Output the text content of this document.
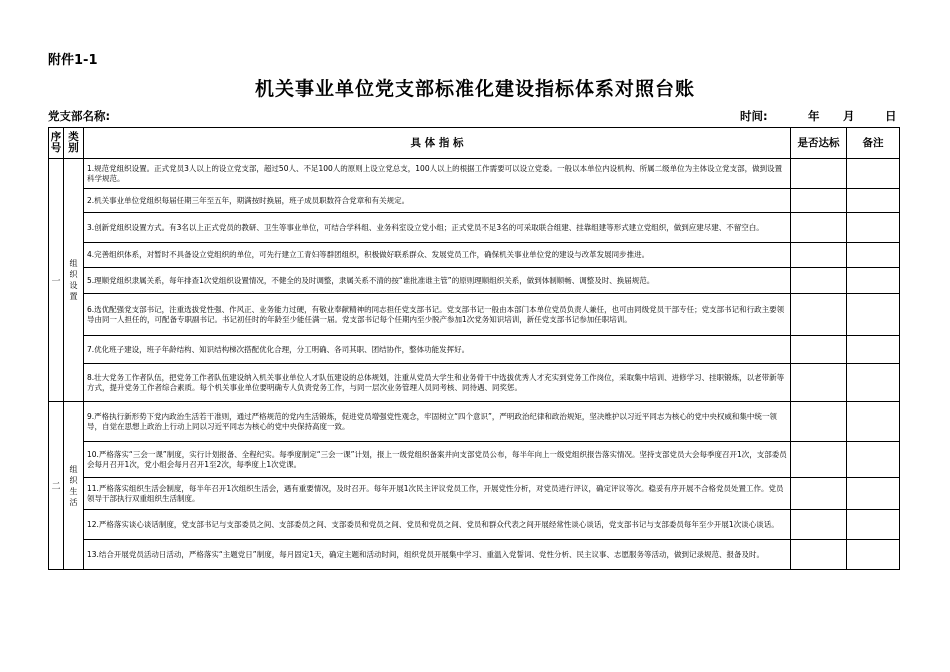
附件1-1
机关事业单位党支部标准化建设指标体系对照台账
党支部名称:	时间:	年 月	日
序号	类别	具 体 指 标	是否达标	备注
一	组织设置	1.规范党组织设置。正式党员3人以上的设立党支部，超过50人、不足100人的原则上设立党总支，100人以上的根据工作需要可以设立党委。一般以本单位内设机构、所属二级单位为主体设立党支部，做到设置科学规范。		
		2.机关事业单位党组织每届任期三年至五年，期满按时换届，班子成员职数符合党章和有关规定。		
		3.创新党组织设置方式。有3名以上正式党员的教研、卫生等事业单位，可结合学科组、业务科室设立党小组；正式党员不足3名的可采取联合组建、挂靠组建等形式建立党组织，做到应建尽建、不留空白。		
		4.完善组织体系，对暂时不具备设立党组织的单位，可先行建立工青妇等群团组织，积极做好联系群众、发展党员工作，确保机关事业单位党的建设与改革发展同步推进。		
		5.理顺党组织隶属关系，每年排查1次党组织设置情况，不健全的及时调整，隶属关系不清的按“谁批准谁主管”的原则理顺组织关系，做到体制顺畅、调整及时、换届规范。		
		6.选优配强党支部书记，注重选拔党性强、作风正、业务能力过硬，有敬业奉献精神的同志担任党支部书记。党支部书记一般由本部门本单位党员负责人兼任，也可由同级党员干部专任；党支部书记和行政主要领导由同一人担任的，可配备专职副书记。书记初任时的年龄至少能任满一届。党支部书记每个任期内至少脱产参加1次党务知识培训，新任党支部书记参加任职培训。		
		7.优化班子建设，班子年龄结构、知识结构梯次搭配优化合理，分工明确、各司其职、团结协作，整体功能发挥好。		
		8.壮大党务工作者队伍，把党务工作者队伍建设纳入机关事业单位人才队伍建设的总体规划，注重从党员大学生和业务骨干中选拔优秀人才充实到党务工作岗位，采取集中培训、进修学习、挂职锻炼，以老带新等方式，提升党务工作者综合素质。每个机关事业单位要明确专人负责党务工作，与同一层次业务管理人员同考核、同待遇、同奖惩。		
二	组织生活	9.严格执行新形势下党内政治生活若干准则，通过严格规范的党内生活锻炼，促进党员增强党性观念，牢固树立“四个意识”，严明政治纪律和政治规矩，坚决维护以习近平同志为核心的党中央权威和集中统一领导，自觉在思想上政治上行动上同以习近平同志为核心的党中央保持高度一致。		
		10.严格落实“三会一课”制度，实行计划报备、全程纪实。每季度制定“三会一课”计划，报上一级党组织备案并向支部党员公布，每半年向上一级党组织报告落实情况。坚持支部党员大会每季度召开1次，支部委员会每月召开1次，党小组会每月召开1至2次，每季度上1次党课。		
		11.严格落实组织生活会制度，每半年召开1次组织生活会，遇有重要情况，及时召开。每年开展1次民主评议党员工作，开展党性分析，对党员进行评议，确定评议等次。稳妥有序开展不合格党员处置工作。党员领导干部执行双重组织生活制度。		
		12.严格落实谈心谈话制度，党支部书记与支部委员之间、支部委员之间、支部委员和党员之间、党员和党员之间、党员和群众代表之间开展经常性谈心谈话，党支部书记与支部委员每年至少开展1次谈心谈话。		
		13.结合开展党员活动日活动，严格落实“主题党日”制度，每月固定1天，确定主题和活动时间，组织党员开展集中学习、重温入党誓词、党性分析、民主议事、志愿服务等活动，做到记录规范、报备及时。		
